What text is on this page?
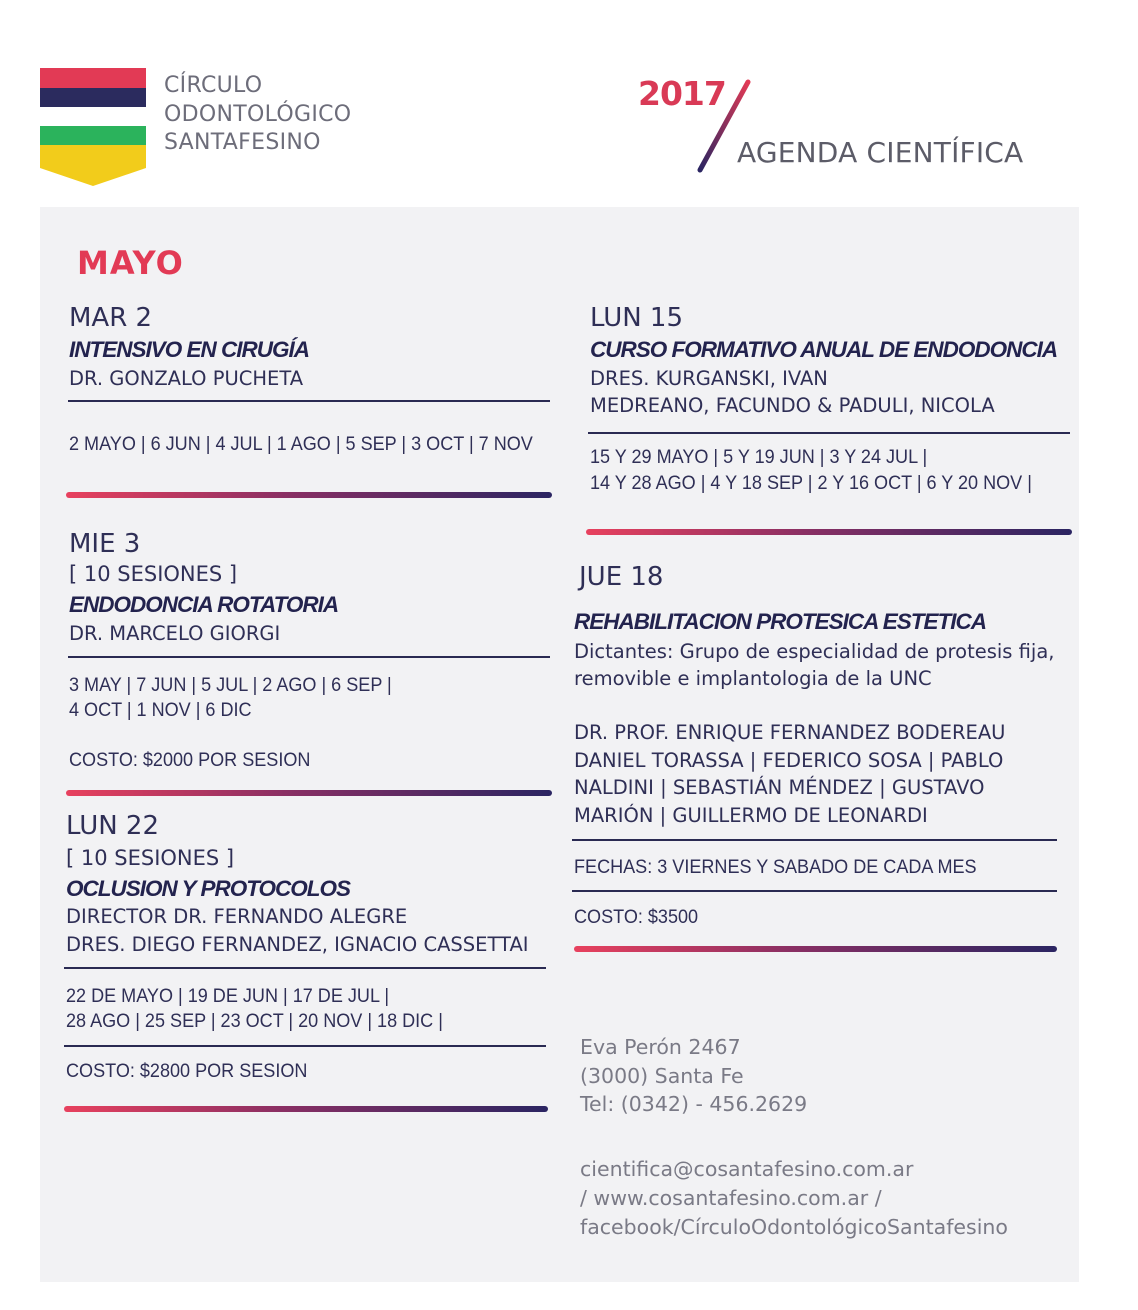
CÍRCULO
ODONTOLÓGICO
SANTAFESINO
2017
AGENDA CIENTÍFICA
MAYO
MAR 2
INTENSIVO EN CIRUGÍA
DR. GONZALO PUCHETA
2 MAYO | 6 JUN | 4 JUL | 1 AGO | 5 SEP | 3 OCT | 7 NOV
MIE 3
[ 10 SESIONES ]
ENDODONCIA ROTATORIA
DR. MARCELO GIORGI
3 MAY | 7 JUN | 5 JUL | 2 AGO | 6 SEP |
4 OCT | 1 NOV | 6 DIC
COSTO: $2000 POR SESION
LUN 22
[ 10 SESIONES ]
OCLUSION Y PROTOCOLOS
DIRECTOR DR. FERNANDO ALEGRE
DRES. DIEGO FERNANDEZ, IGNACIO CASSETTAI
22 DE MAYO | 19 DE JUN | 17 DE JUL |
28 AGO | 25 SEP | 23 OCT | 20 NOV | 18 DIC |
COSTO: $2800 POR SESION
LUN 15
CURSO FORMATIVO ANUAL DE ENDODONCIA
DRES. KURGANSKI, IVAN
MEDREANO, FACUNDO & PADULI, NICOLA
15 Y 29 MAYO | 5 Y 19 JUN | 3 Y 24 JUL |
14 Y 28 AGO | 4 Y 18 SEP | 2 Y 16 OCT | 6 Y 20 NOV |
JUE 18
REHABILITACION PROTESICA ESTETICA
Dictantes: Grupo de especialidad de protesis fija,
removible e implantologia de la UNC
DR. PROF. ENRIQUE FERNANDEZ BODEREAU
DANIEL TORASSA | FEDERICO SOSA | PABLO
NALDINI | SEBASTIÁN MÉNDEZ | GUSTAVO
MARIÓN | GUILLERMO DE LEONARDI
FECHAS: 3 VIERNES Y SABADO DE CADA MES
COSTO: $3500
Eva Perón 2467
(3000) Santa Fe
Tel: (0342) - 456.2629
cientifica@cosantafesino.com.ar
/ www.cosantafesino.com.ar /
facebook/CírculoOdontológicoSantafesino
